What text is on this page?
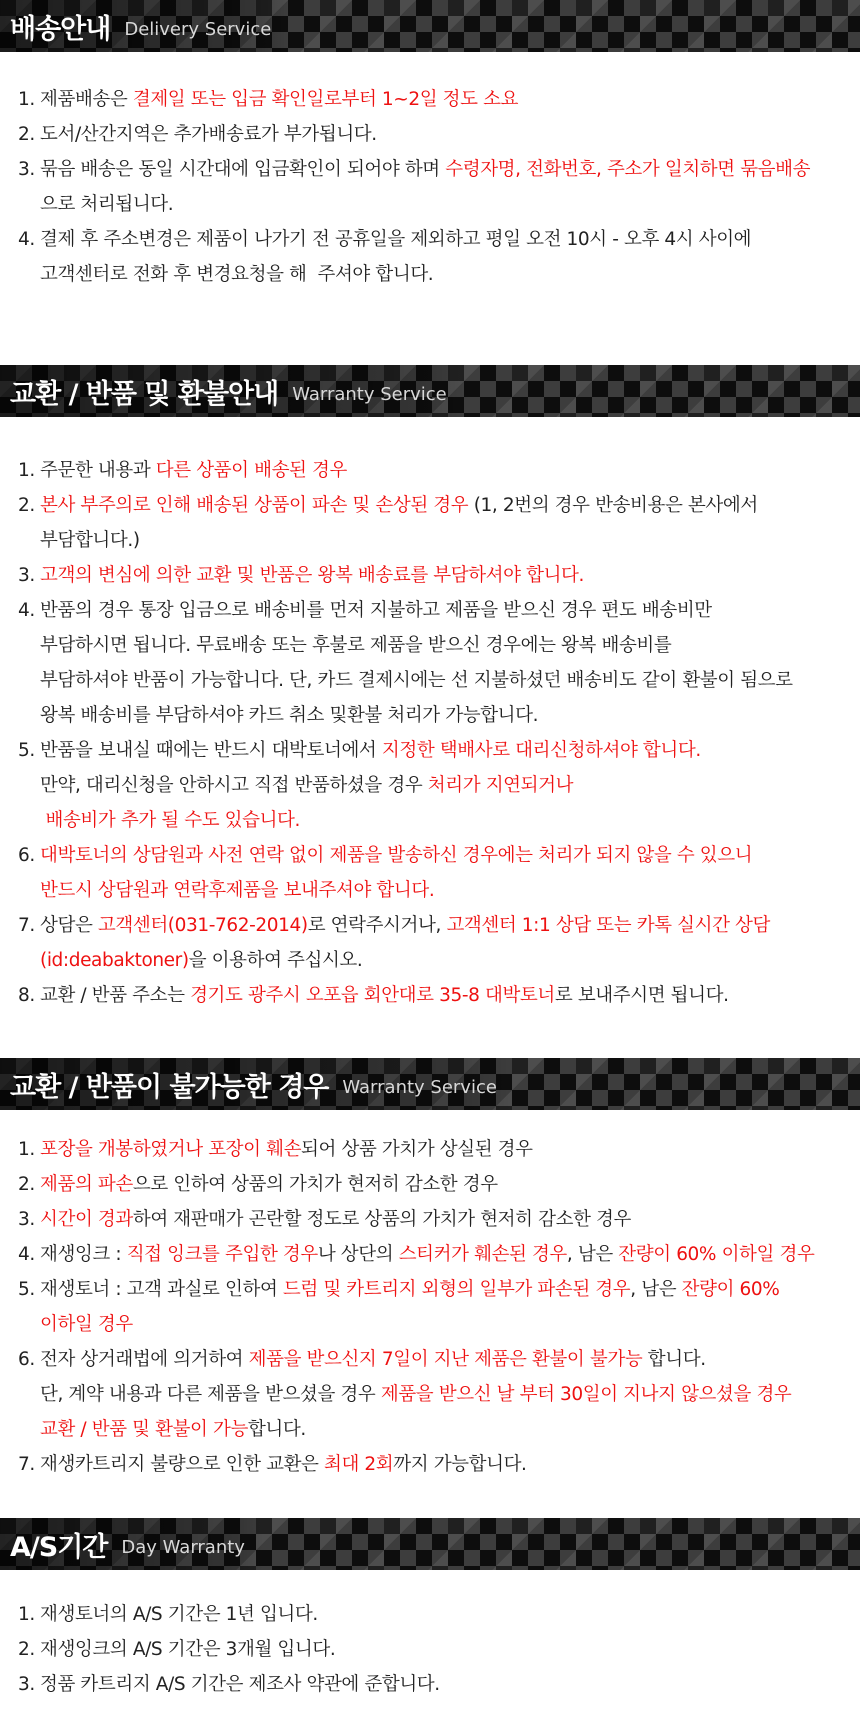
배송안내 Delivery Service
1. 제품배송은 결제일 또는 입금 확인일로부터 1~2일 정도 소요
2. 도서/산간지역은 추가배송료가 부가됩니다.
3. 묶음 배송은 동일 시간대에 입금확인이 되어야 하며 수령자명, 전화번호, 주소가 일치하면 묶음배송
으로 처리됩니다.
4. 결제 후 주소변경은 제품이 나가기 전 공휴일을 제외하고 평일 오전 10시 - 오후 4시 사이에
고객센터로 전화 후 변경요청을 해  주셔야 합니다.
교환 / 반품 및 환불안내 Warranty Service
1. 주문한 내용과 다른 상품이 배송된 경우
2. 본사 부주의로 인해 배송된 상품이 파손 및 손상된 경우 (1, 2번의 경우 반송비용은 본사에서
부담합니다.)
3. 고객의 변심에 의한 교환 및 반품은 왕복 배송료를 부담하셔야 합니다.
4. 반품의 경우 통장 입금으로 배송비를 먼저 지불하고 제품을 받으신 경우 편도 배송비만
부담하시면 됩니다. 무료배송 또는 후불로 제품을 받으신 경우에는 왕복 배송비를
부담하셔야 반품이 가능합니다. 단, 카드 결제시에는 선 지불하셨던 배송비도 같이 환불이 됨으로
왕복 배송비를 부담하셔야 카드 취소 및환불 처리가 가능합니다.
5. 반품을 보내실 때에는 반드시 대박토너에서 지정한 택배사로 대리신청하셔야 합니다.
만약, 대리신청을 안하시고 직접 반품하셨을 경우 처리가 지연되거나
배송비가 추가 될 수도 있습니다.
6. 대박토너의 상담원과 사전 연락 없이 제품을 발송하신 경우에는 처리가 되지 않을 수 있으니
반드시 상담원과 연락후제품을 보내주셔야 합니다.
7. 상담은 고객센터(031-762-2014)로 연락주시거나, 고객센터 1:1 상담 또는 카톡 실시간 상담
(id:deabaktoner)을 이용하여 주십시오.
8. 교환 / 반품 주소는 경기도 광주시 오포읍 회안대로 35-8 대박토너로 보내주시면 됩니다.
교환 / 반품이 불가능한 경우 Warranty Service
1. 포장을 개봉하였거나 포장이 훼손되어 상품 가치가 상실된 경우
2. 제품의 파손으로 인하여 상품의 가치가 현저히 감소한 경우
3. 시간이 경과하여 재판매가 곤란할 정도로 상품의 가치가 현저히 감소한 경우
4. 재생잉크 : 직접 잉크를 주입한 경우나 상단의 스티커가 훼손된 경우, 남은 잔량이 60% 이하일 경우
5. 재생토너 : 고객 과실로 인하여 드럼 및 카트리지 외형의 일부가 파손된 경우, 남은 잔량이 60%
이하일 경우
6. 전자 상거래법에 의거하여 제품을 받으신지 7일이 지난 제품은 환불이 불가능 합니다.
단, 계약 내용과 다른 제품을 받으셨을 경우 제품을 받으신 날 부터 30일이 지나지 않으셨을 경우
교환 / 반품 및 환불이 가능합니다.
7. 재생카트리지 불량으로 인한 교환은 최대 2회까지 가능합니다.
A/S기간 Day Warranty
1. 재생토너의 A/S 기간은 1년 입니다.
2. 재생잉크의 A/S 기간은 3개월 입니다.
3. 정품 카트리지 A/S 기간은 제조사 약관에 준합니다.
